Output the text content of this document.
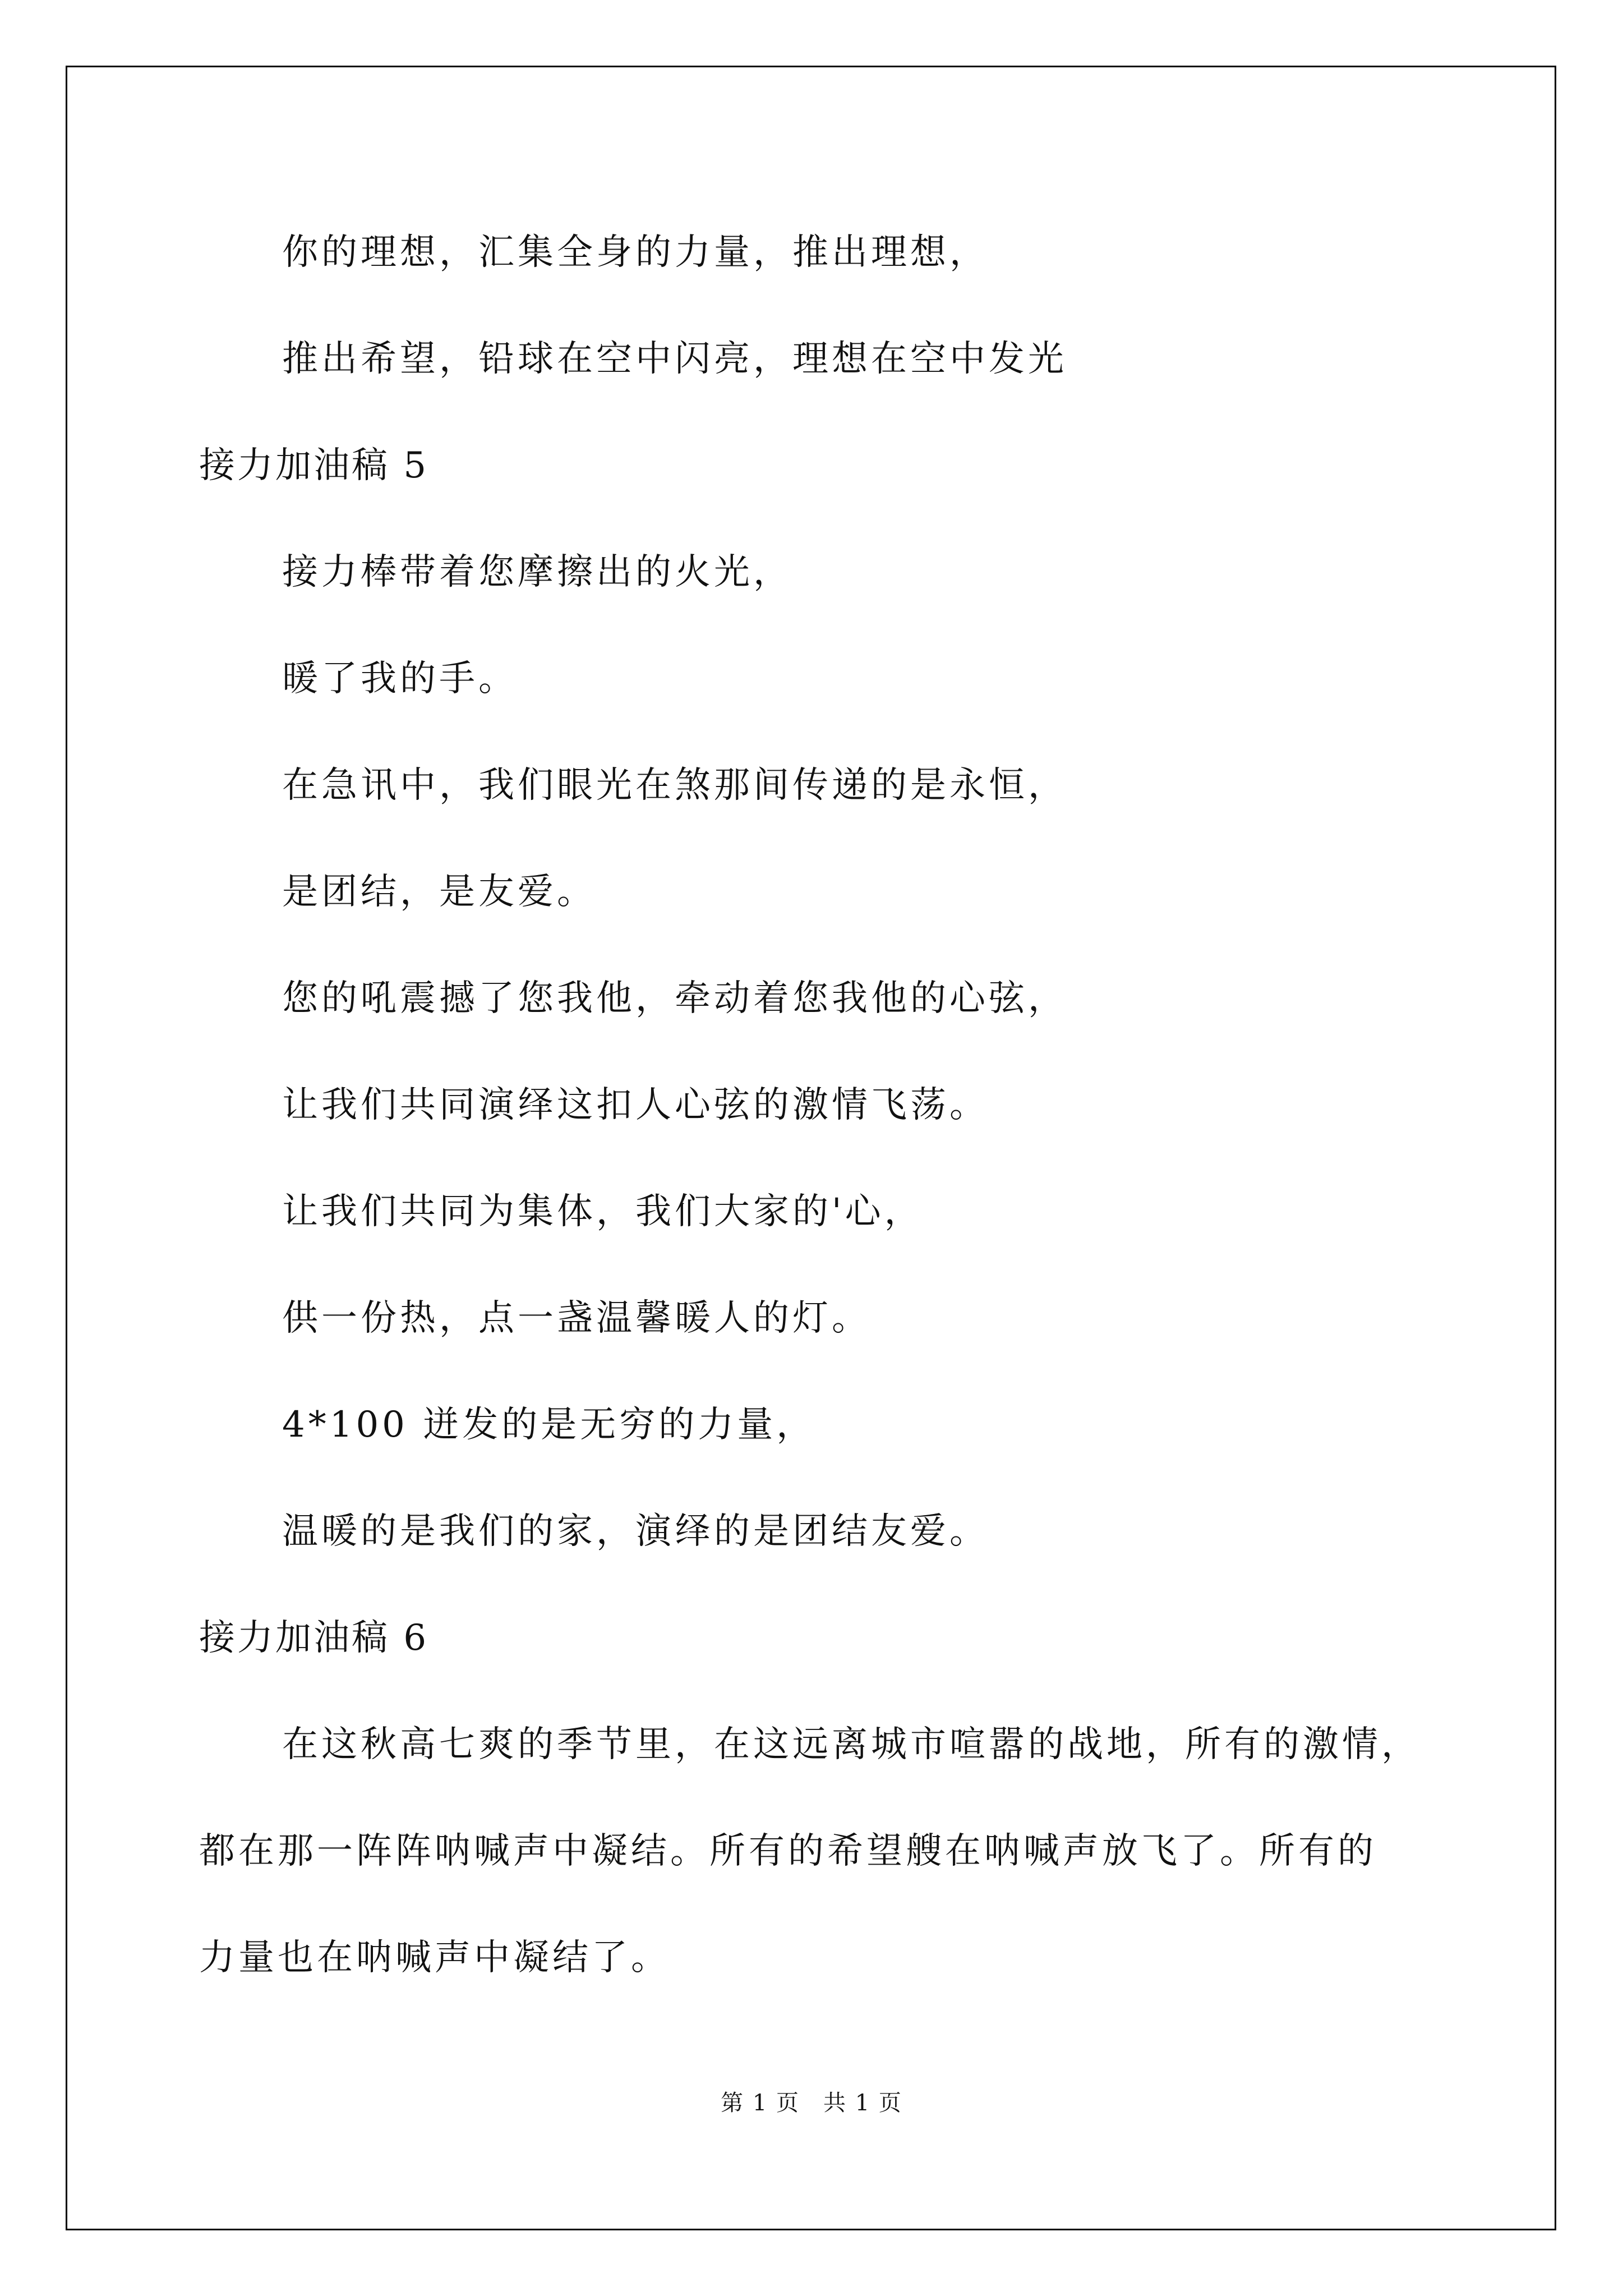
你的理想，汇集全身的力量，推出理想，
推出希望，铅球在空中闪亮，理想在空中发光
接力加油稿 5
接力棒带着您摩擦出的火光，
暖了我的手。
在急讯中，我们眼光在煞那间传递的是永恒，
是团结，是友爱。
您的吼震撼了您我他，牵动着您我他的心弦，
让我们共同演绎这扣人心弦的激情飞荡。
让我们共同为集体，我们大家的'心，
供一份热，点一盏温馨暖人的灯。
4*100 迸发的是无穷的力量，
温暖的是我们的家，演绎的是团结友爱。
接力加油稿 6
在这秋高七爽的季节里，在这远离城市喧嚣的战地，所有的激情，
都在那一阵阵呐喊声中凝结。所有的希望艘在呐喊声放飞了。所有的
力量也在呐喊声中凝结了。
第 1 页　共 1 页
